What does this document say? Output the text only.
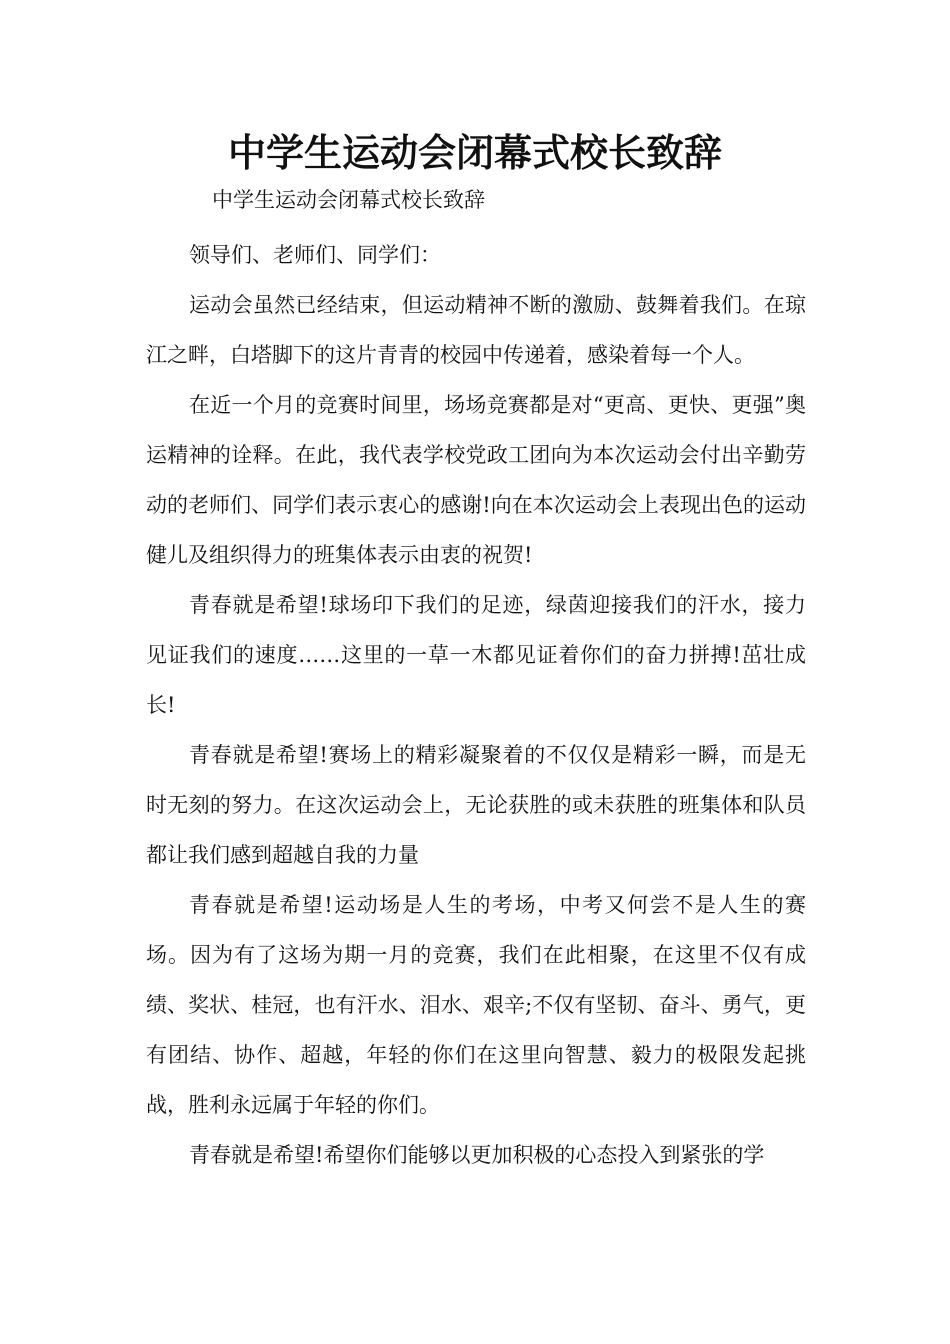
中学生运动会闭幕式校长致辞
中学生运动会闭幕式校长致辞

领导们、老师们、同学们：

运动会虽然已经结束，但运动精神不断的激励、鼓舞着我们。在琼江之畔，白塔脚下的这片青青的校园中传递着，感染着每一个人。

在近一个月的竞赛时间里，场场竞赛都是对“更高、更快、更强”奥运精神的诠释。在此，我代表学校党政工团向为本次运动会付出辛勤劳动的老师们、同学们表示衷心的感谢!向在本次运动会上表现出色的运动健儿及组织得力的班集体表示由衷的祝贺!

青春就是希望!球场印下我们的足迹，绿茵迎接我们的汗水，接力见证我们的速度……这里的一草一木都见证着你们的奋力拼搏!茁壮成长!

青春就是希望!赛场上的精彩凝聚着的不仅仅是精彩一瞬，而是无时无刻的努力。在这次运动会上，无论获胜的或未获胜的班集体和队员都让我们感到超越自我的力量

青春就是希望!运动场是人生的考场，中考又何尝不是人生的赛场。因为有了这场为期一月的竞赛，我们在此相聚，在这里不仅有成绩、奖状、桂冠，也有汗水、泪水、艰辛;不仅有坚韧、奋斗、勇气，更有团结、协作、超越，年轻的你们在这里向智慧、毅力的极限发起挑战，胜利永远属于年轻的你们。

青春就是希望!希望你们能够以更加积极的心态投入到紧张的学
